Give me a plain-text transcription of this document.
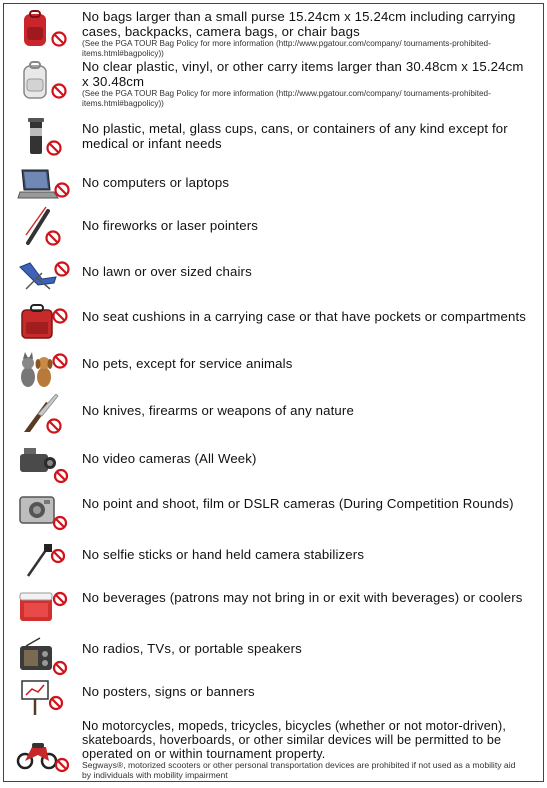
No bags larger than a small purse 15.24cm x 15.24cm including carrying cases, backpacks, camera bags, or chair bags
(See the PGA TOUR Bag Policy for more information (http://www.pgatour.com/company/ tournaments-prohibited-items.html#bagpolicy))
No clear plastic, vinyl, or other carry items larger than 30.48cm x 15.24cm x 30.48cm
(See the PGA TOUR Bag Policy for more information (http://www.pgatour.com/company/ tournaments-prohibited-items.html#bagpolicy))
No plastic, metal, glass cups, cans, or containers of any kind except for medical or infant needs
No computers or laptops
No fireworks or laser pointers
No lawn or over sized chairs
No seat cushions in a carrying case or that have pockets or compartments
No pets, except for service animals
No knives, firearms or weapons of any nature
No video cameras (All Week)
No point and shoot, film or DSLR cameras (During Competition Rounds)
No selfie sticks or hand held camera stabilizers
No beverages (patrons may not bring in or exit with beverages) or coolers
No radios, TVs, or portable speakers
No posters, signs or banners
No motorcycles, mopeds, tricycles, bicycles (whether or not motor-driven), skateboards, hoverboards, or other similar devices will be permitted to be operated on or within tournament property.
Segways®, motorized scooters or other personal transportation devices are prohibited if not used as a mobility aid by individuals with mobility impairment
